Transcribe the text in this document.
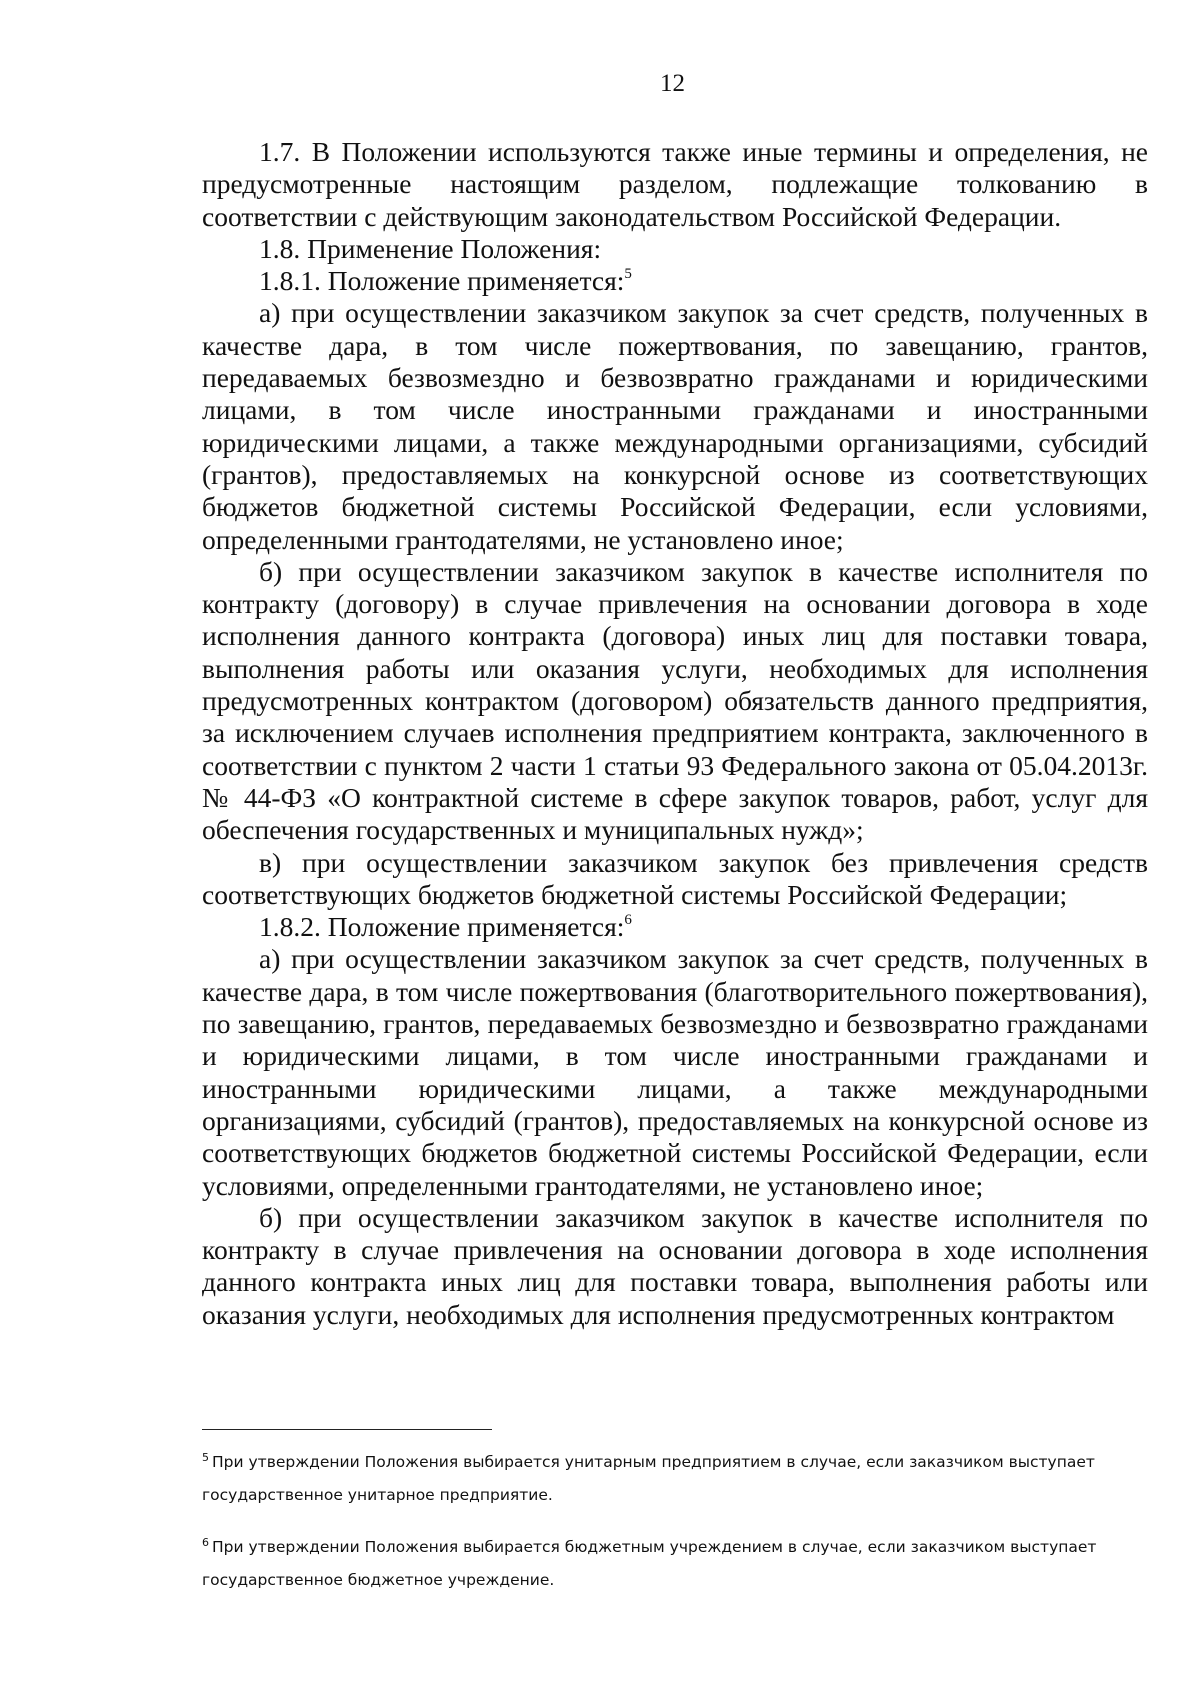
12

1.7. В Положении используются также иные термины и определения, не предусмотренные настоящим разделом, подлежащие толкованию в соответствии с действующим законодательством Российской Федерации.

1.8. Применение Положения:

1.8.1. Положение применяется:$^5$

а) при осуществлении заказчиком закупок за счет средств, полученных в качестве дара, в том числе пожертвования, по завещанию, грантов, передаваемых безвозмездно и безвозвратно гражданами и юридическими лицами, в том числе иностранными гражданами и иностранными юридическими лицами, а также международными организациями, субсидий (грантов), предоставляемых на конкурсной основе из соответствующих бюджетов бюджетной системы Российской Федерации, если условиями, определенными грантодателями, не установлено иное;

б) при осуществлении заказчиком закупок в качестве исполнителя по контракту (договору) в случае привлечения на основании договора в ходе исполнения данного контракта (договора) иных лиц для поставки товара, выполнения работы или оказания услуги, необходимых для исполнения предусмотренных контрактом (договором) обязательств данного предприятия, за исключением случаев исполнения предприятием контракта, заключенного в соответствии с пунктом 2 части 1 статьи 93 Федерального закона от 05.04.2013г. № 44-ФЗ «О контрактной системе в сфере закупок товаров, работ, услуг для обеспечения государственных и муниципальных нужд»;

в) при осуществлении заказчиком закупок без привлечения средств соответствующих бюджетов бюджетной системы Российской Федерации;

1.8.2. Положение применяется:$^6$

а) при осуществлении заказчиком закупок за счет средств, полученных в качестве дара, в том числе пожертвования (благотворительного пожертвования), по завещанию, грантов, передаваемых безвозмездно и безвозвратно гражданами и юридическими лицами, в том числе иностранными гражданами и иностранными юридическими лицами, а также международными организациями, субсидий (грантов), предоставляемых на конкурсной основе из соответствующих бюджетов бюджетной системы Российской Федерации, если условиями, определенными грантодателями, не установлено иное;

б) при осуществлении заказчиком закупок в качестве исполнителя по контракту в случае привлечения на основании договора в ходе исполнения данного контракта иных лиц для поставки товара, выполнения работы или оказания услуги, необходимых для исполнения предусмотренных контрактом

$^5$ При утверждении Положения выбирается унитарным предприятием в случае, если заказчиком выступает государственное унитарное предприятие.

$^6$ При утверждении Положения выбирается бюджетным учреждением в случае, если заказчиком выступает государственное бюджетное учреждение.
